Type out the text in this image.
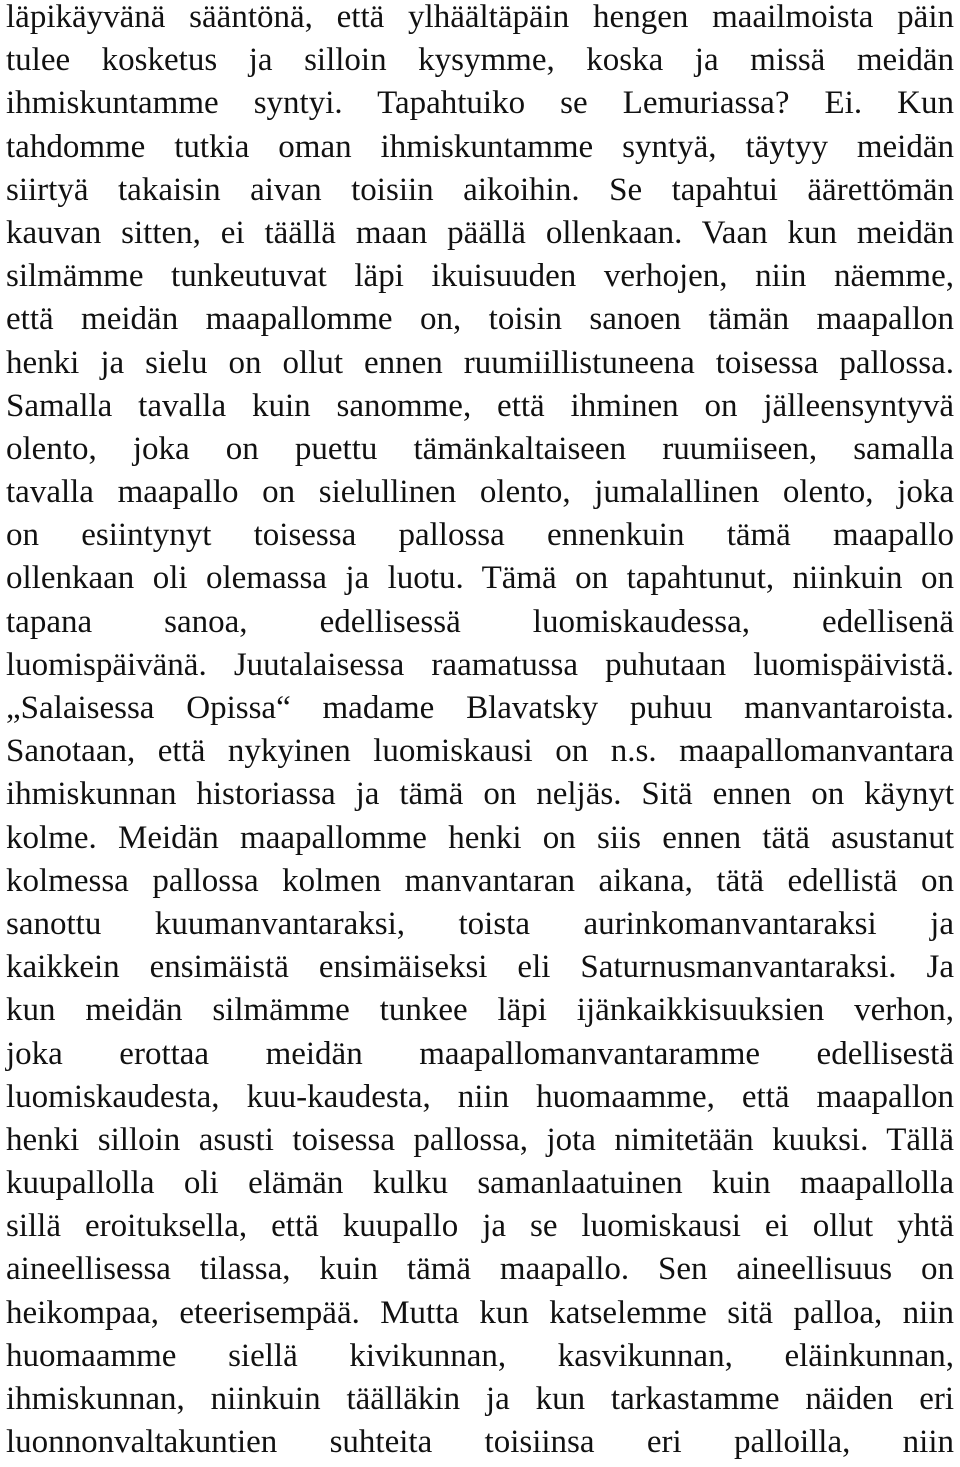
läpikäyvänä sääntönä, että ylhäältäpäin hengen maailmoista päin
tulee kosketus ja silloin kysymme, koska ja missä meidän
ihmiskuntamme syntyi. Tapahtuiko se Lemuriassa? Ei. Kun
tahdomme tutkia oman ihmiskuntamme syntyä, täytyy meidän
siirtyä takaisin aivan toisiin aikoihin. Se tapahtui äärettömän
kauvan sitten, ei täällä maan päällä ollenkaan. Vaan kun meidän
silmämme tunkeutuvat läpi ikuisuuden verhojen, niin näemme,
että meidän maapallomme on, toisin sanoen tämän maapallon
henki ja sielu on ollut ennen ruumiillistuneena toisessa pallossa.
Samalla tavalla kuin sanomme, että ihminen on jälleensyntyvä
olento, joka on puettu tämänkaltaiseen ruumiiseen, samalla
tavalla maapallo on sielullinen olento, jumalallinen olento, joka
on esiintynyt toisessa pallossa ennenkuin tämä maapallo
ollenkaan oli olemassa ja luotu. Tämä on tapahtunut, niinkuin on
tapana sanoa, edellisessä luomiskaudessa, edellisenä
luomispäivänä. Juutalaisessa raamatussa puhutaan luomispäivistä.
„Salaisessa Opissa“ madame Blavatsky puhuu manvantaroista.
Sanotaan, että nykyinen luomiskausi on n.s. maapallomanvantara
ihmiskunnan historiassa ja tämä on neljäs. Sitä ennen on käynyt
kolme. Meidän maapallomme henki on siis ennen tätä asustanut
kolmessa pallossa kolmen manvantaran aikana, tätä edellistä on
sanottu kuumanvantaraksi, toista aurinkomanvantaraksi ja
kaikkein ensimäistä ensimäiseksi eli Saturnusmanvantaraksi. Ja
kun meidän silmämme tunkee läpi ijänkaikkisuuksien verhon,
joka erottaa meidän maapallomanvantaramme edellisestä
luomiskaudesta, kuu-kaudesta, niin huomaamme, että maapallon
henki silloin asusti toisessa pallossa, jota nimitetään kuuksi. Tällä
kuupallolla oli elämän kulku samanlaatuinen kuin maapallolla
sillä eroituksella, että kuupallo ja se luomiskausi ei ollut yhtä
aineellisessa tilassa, kuin tämä maapallo. Sen aineellisuus on
heikompaa, eteerisempää. Mutta kun katselemme sitä palloa, niin
huomaamme siellä kivikunnan, kasvikunnan, eläinkunnan,
ihmiskunnan, niinkuin täälläkin ja kun tarkastamme näiden eri
luonnonvaltakuntien suhteita toisiinsa eri palloilla, niin
